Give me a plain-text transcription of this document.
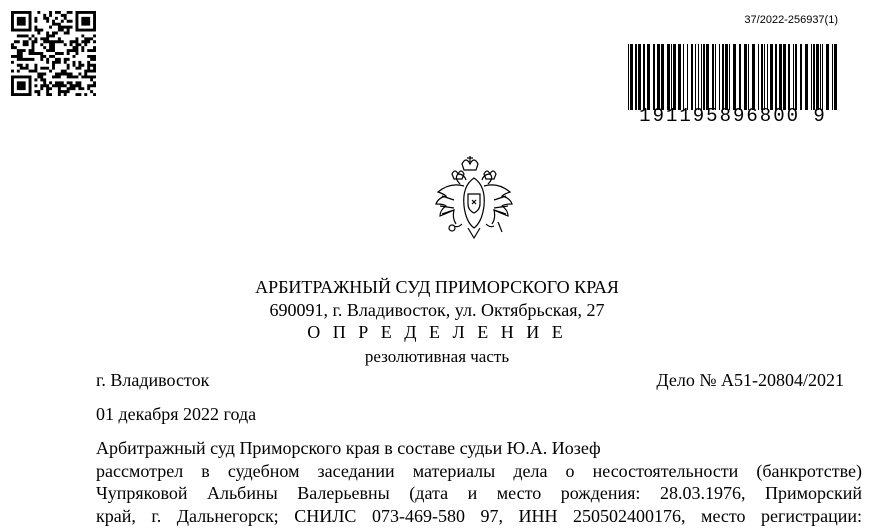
37/2022-256937(1)
191195896800 9
АРБИТРАЖНЫЙ СУД ПРИМОРСКОГО КРАЯ
690091, г. Владивосток, ул. Октябрьская, 27
О П Р Е Д Е Л Е Н И Е
резолютивная часть
г. Владивосток	Дело № А51-20804/2021
01 декабря 2022 года
Арбитражный суд Приморского края в составе судьи Ю.А. Иозеф
рассмотрел в судебном заседании материалы дела о несостоятельности (банкротстве)
Чупряковой Альбины Валерьевны (дата и место рождения: 28.03.1976, Приморский
край, г. Дальнегорск; СНИЛС 073-469-580 97, ИНН 250502400176, место регистрации:
